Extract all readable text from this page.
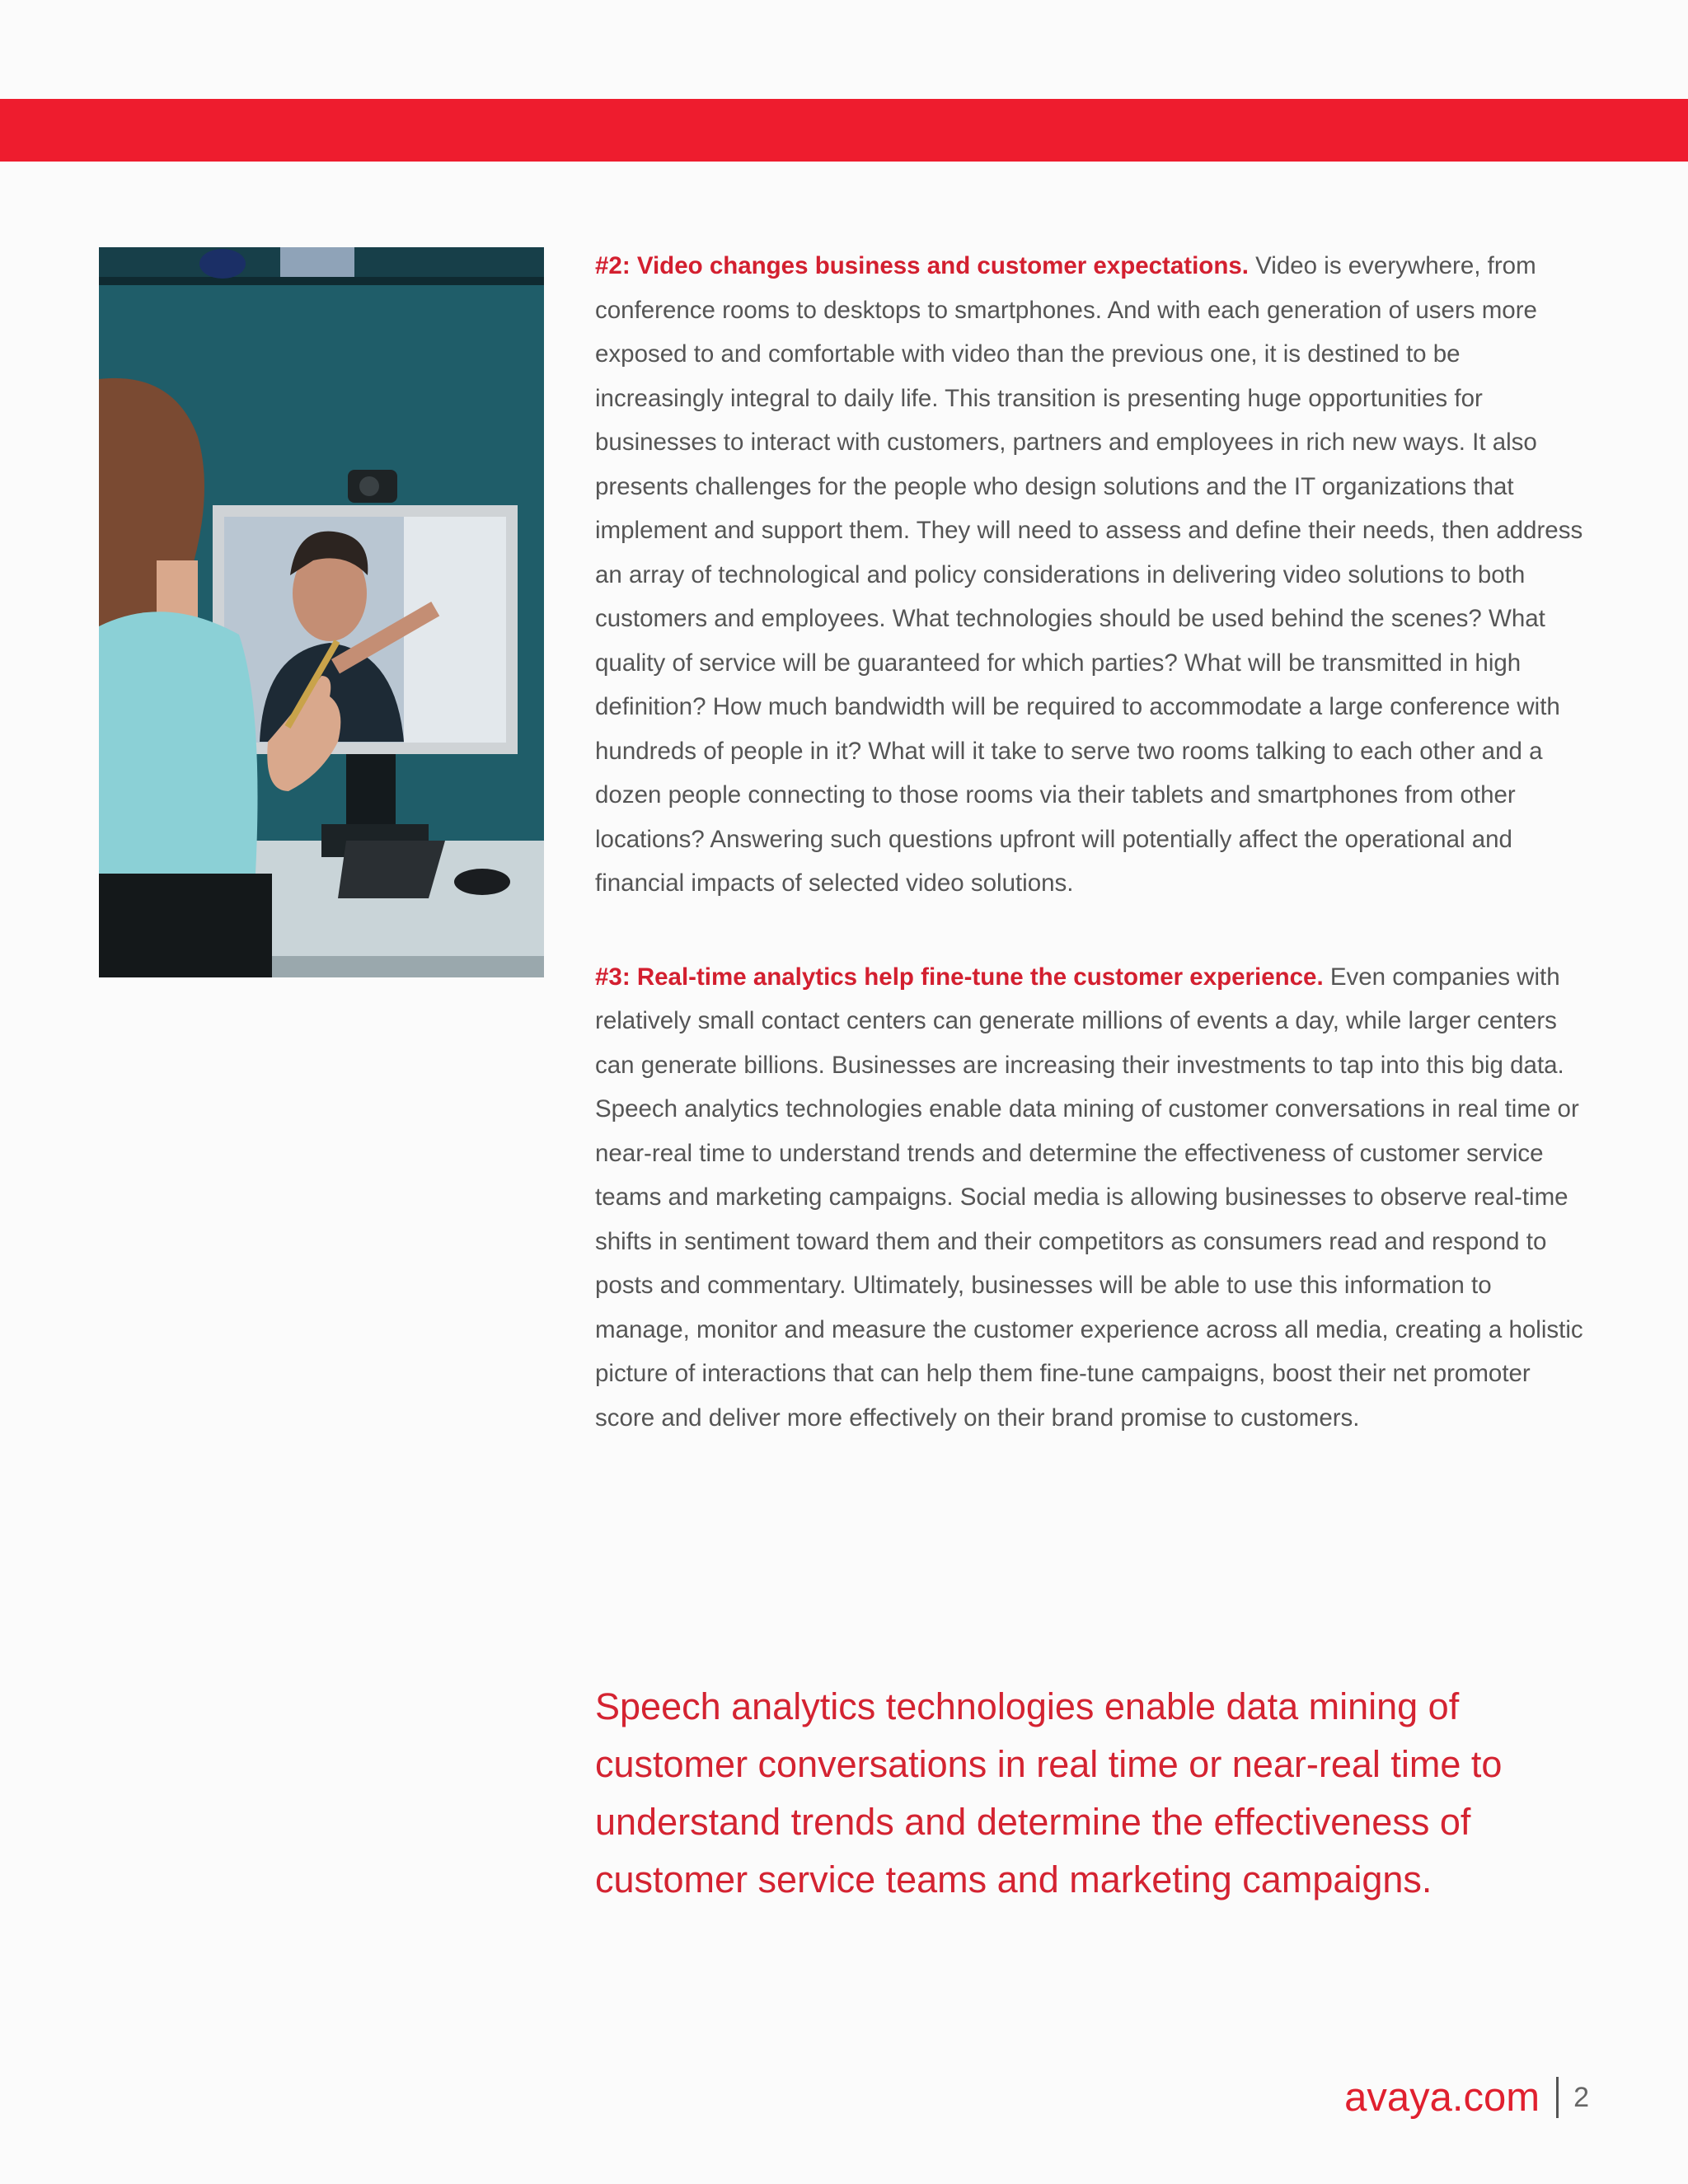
#2: Video changes business and customer expectations. Video is everywhere, from conference rooms to desktops to smartphones. And with each generation of users more exposed to and comfortable with video than the previous one, it is destined to be increasingly integral to daily life. This transition is presenting huge opportunities for businesses to interact with customers, partners and employees in rich new ways. It also presents challenges for the people who design solutions and the IT organizations that implement and support them. They will need to assess and define their needs, then address an array of technological and policy considerations in delivering video solutions to both customers and employees. What technologies should be used behind the scenes? What quality of service will be guaranteed for which parties? What will be transmitted in high definition? How much bandwidth will be required to accommodate a large conference with hundreds of people in it? What will it take to serve two rooms talking to each other and a dozen people connecting to those rooms via their tablets and smartphones from other locations? Answering such questions upfront will potentially affect the operational and financial impacts of selected video solutions.

#3: Real-time analytics help fine-tune the customer experience. Even companies with relatively small contact centers can generate millions of events a day, while larger centers can generate billions. Businesses are increasing their investments to tap into this big data. Speech analytics technologies enable data mining of customer conversations in real time or near-real time to understand trends and determine the effectiveness of customer service teams and marketing campaigns. Social media is allowing businesses to observe real-time shifts in sentiment toward them and their competitors as consumers read and respond to posts and commentary. Ultimately, businesses will be able to use this information to manage, monitor and measure the customer experience across all media, creating a holistic picture of interactions that can help them fine-tune campaigns, boost their net promoter score and deliver more effectively on their brand promise to customers.

Speech analytics technologies enable data mining of customer conversations in real time or near-real time to understand trends and determine the effectiveness of customer service teams and marketing campaigns.

avaya.com 2
